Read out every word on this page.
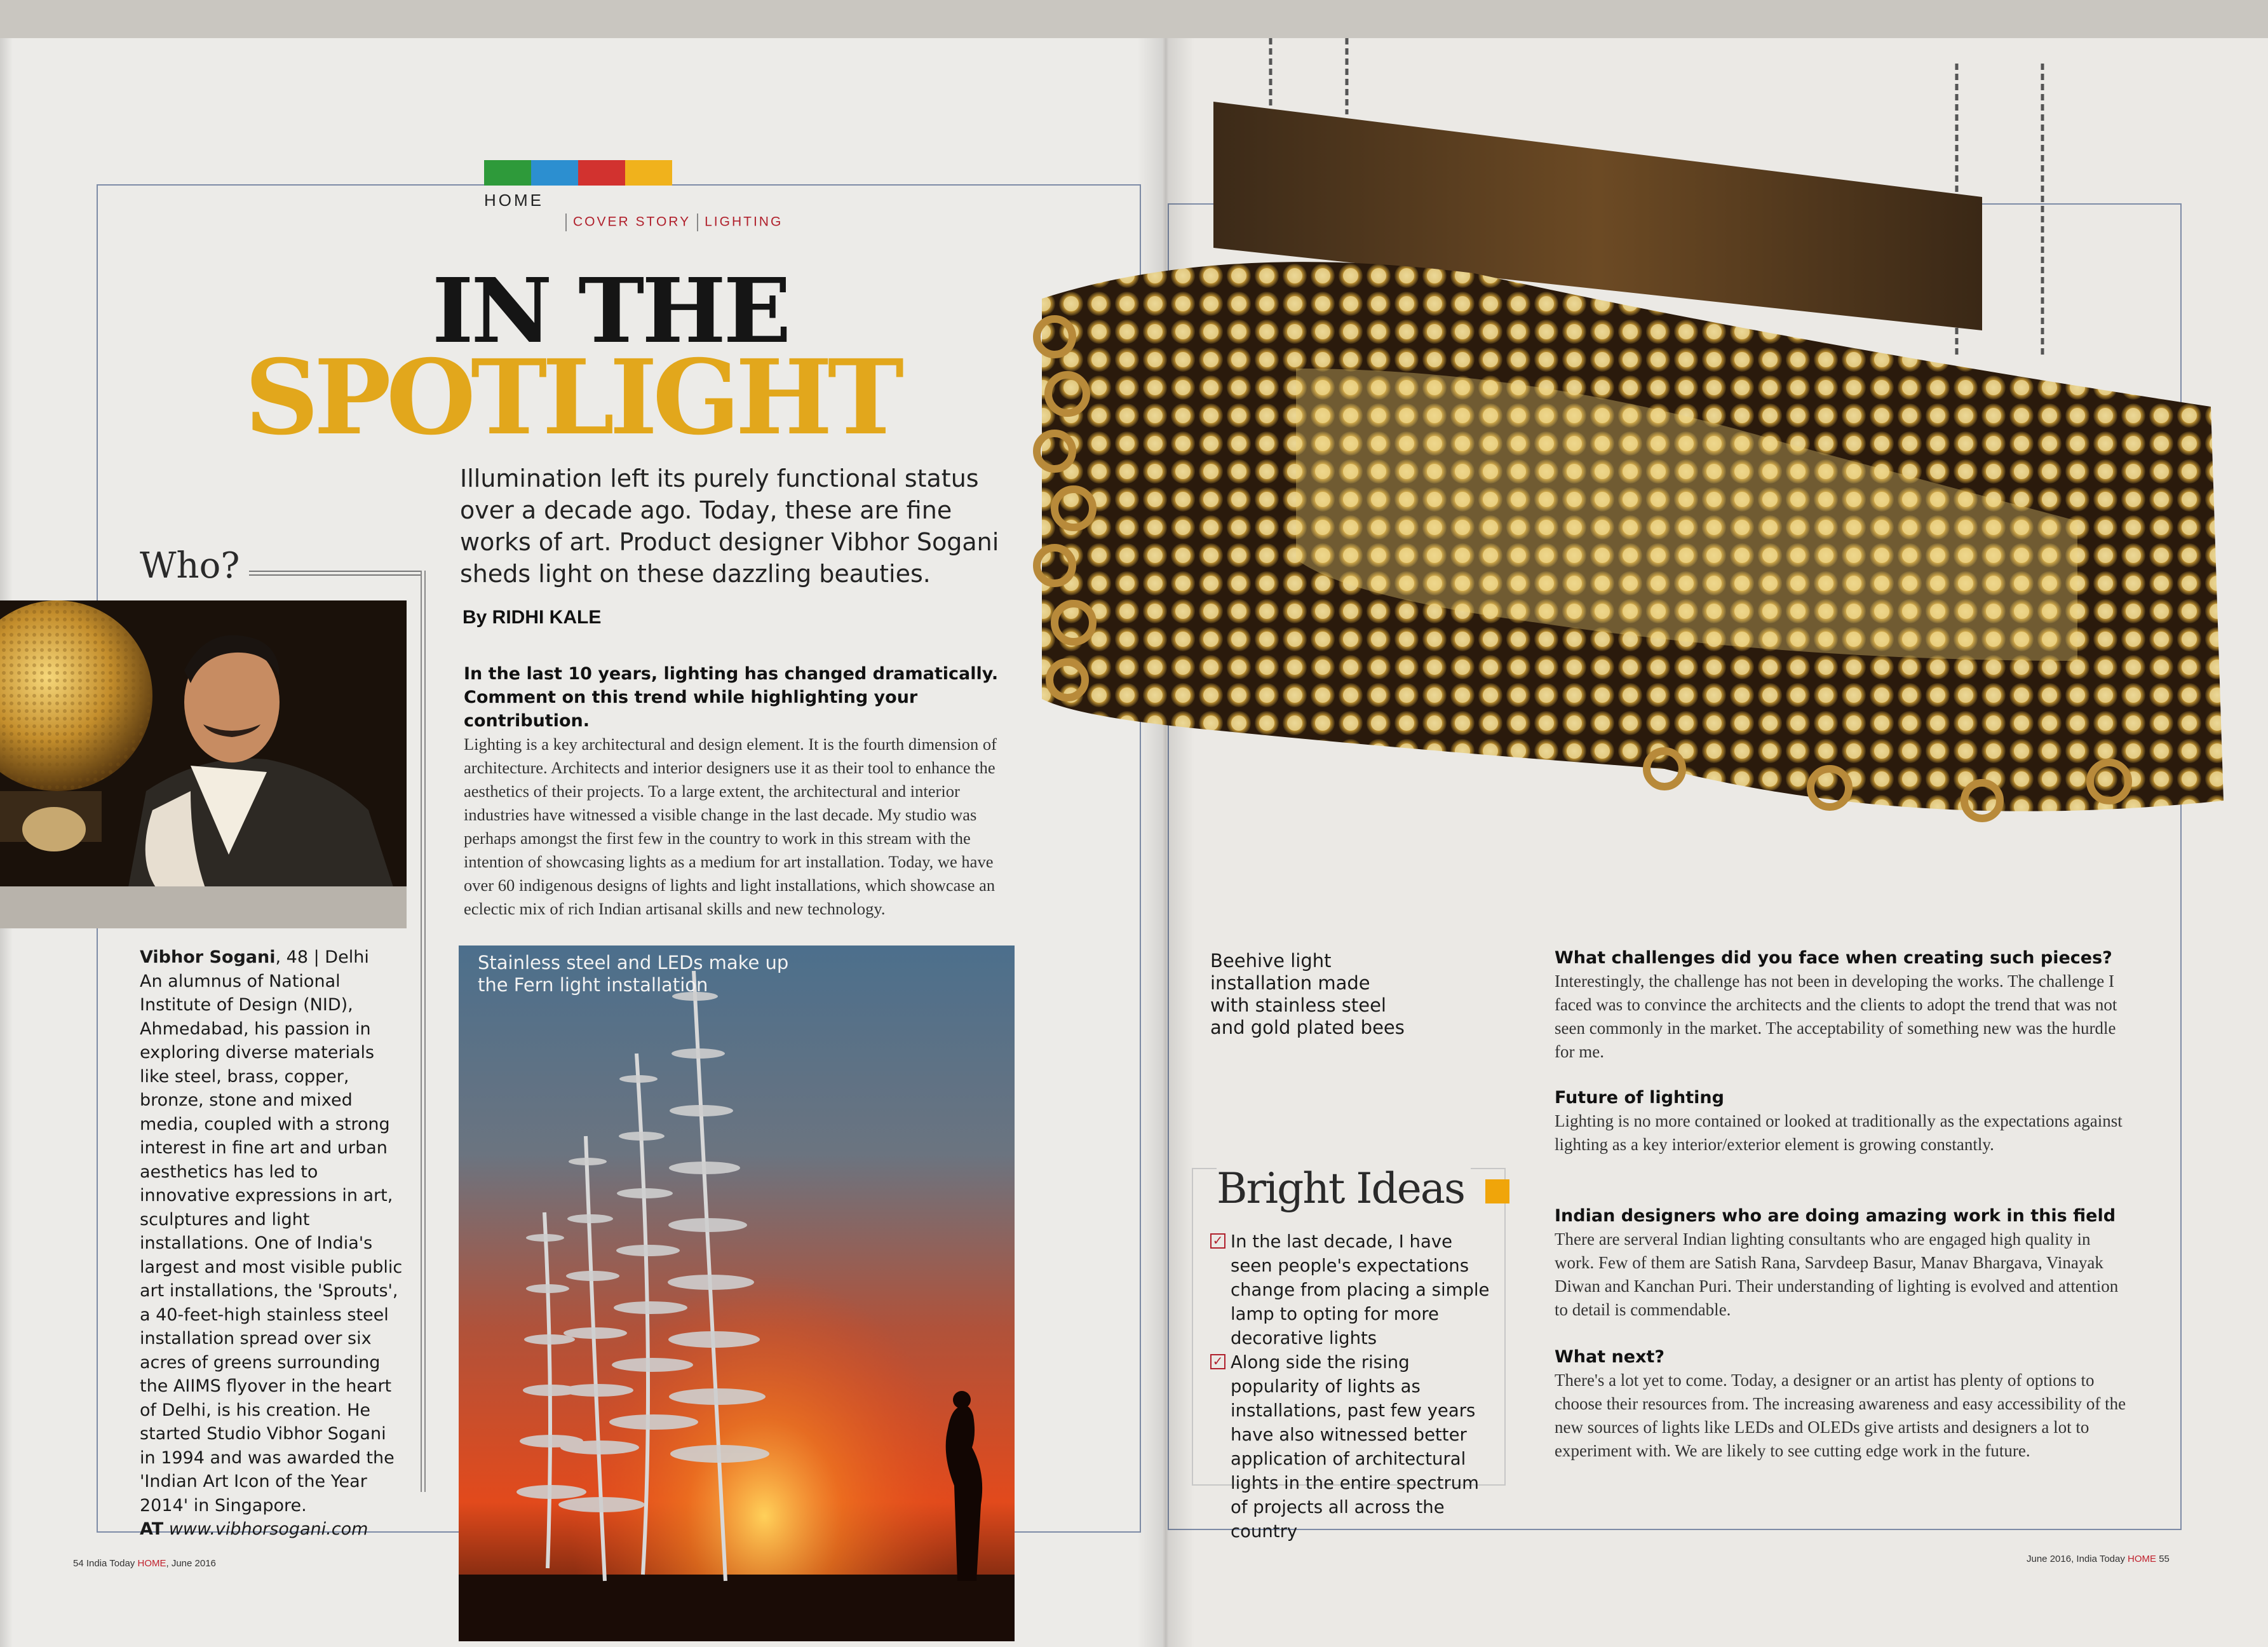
HOME
COVER STORY LIGHTING
IN THE
SPOTLIGHT
Illumination left its purely functional status over a decade ago. Today, these are fine works of art. Product designer Vibhor Sogani sheds light on these dazzling beauties.
By RIDHI KALE
In the last 10 years, lighting has changed dramatically. Comment on this trend while highlighting your contribution.
Lighting is a key architectural and design element. It is the fourth dimension of architecture. Architects and interior designers use it as their tool to enhance the aesthetics of their projects. To a large extent, the architectural and interior industries have witnessed a visible change in the last decade. My studio was perhaps amongst the first few in the country to work in this stream with the intention of showcasing lights as a medium for art installation. Today, we have over 60 indigenous designs of lights and light installations, which showcase an eclectic mix of rich Indian artisanal skills and new technology.
Who?
Vibhor Sogani, 48 | Delhi
An alumnus of National Institute of Design (NID), Ahmedabad, his passion in exploring diverse materials like steel, brass, copper, bronze, stone and mixed media, coupled with a strong interest in fine art and urban aesthetics has led to innovative expressions in art, sculptures and light installations. One of India's largest and most visible public art installations, the 'Sprouts', a 40-feet-high stainless steel installation spread over six acres of greens surrounding the AIIMS flyover in the heart of Delhi, is his creation. He started Studio Vibhor Sogani in 1994 and was awarded the 'Indian Art Icon of the Year 2014' in Singapore.
AT www.vibhorsogani.com
Stainless steel and LEDs make up the Fern light installation
Beehive light installation made with stainless steel and gold plated bees
Bright Ideas
✓ In the last decade, I have seen people's expectations change from placing a simple lamp to opting for more decorative lights
✓ Along side the rising popularity of lights as installations, past few years have also witnessed better application of architectural lights in the entire spectrum of projects all across the country
What challenges did you face when creating such pieces?
Interestingly, the challenge has not been in developing the works. The challenge I faced was to convince the architects and the clients to adopt the trend that was not seen commonly in the market. The acceptability of something new was the hurdle for me.
Future of lighting
Lighting is no more contained or looked at traditionally as the expectations against lighting as a key interior/exterior element is growing constantly.
Indian designers who are doing amazing work in this field
There are serveral Indian lighting consultants who are engaged high quality in work. Few of them are Satish Rana, Sarvdeep Basur, Manav Bhargava, Vinayak Diwan and Kanchan Puri. Their understanding of lighting is evolved and attention to detail is commendable.
What next?
There's a lot yet to come. Today, a designer or an artist has plenty of options to choose their resources from. The increasing awareness and easy accessibility of the new sources of lights like LEDs and OLEDs give artists and designers a lot to experiment with. We are likely to see cutting edge work in the future.
54 India Today HOME, June 2016	June 2016, India Today HOME 55
